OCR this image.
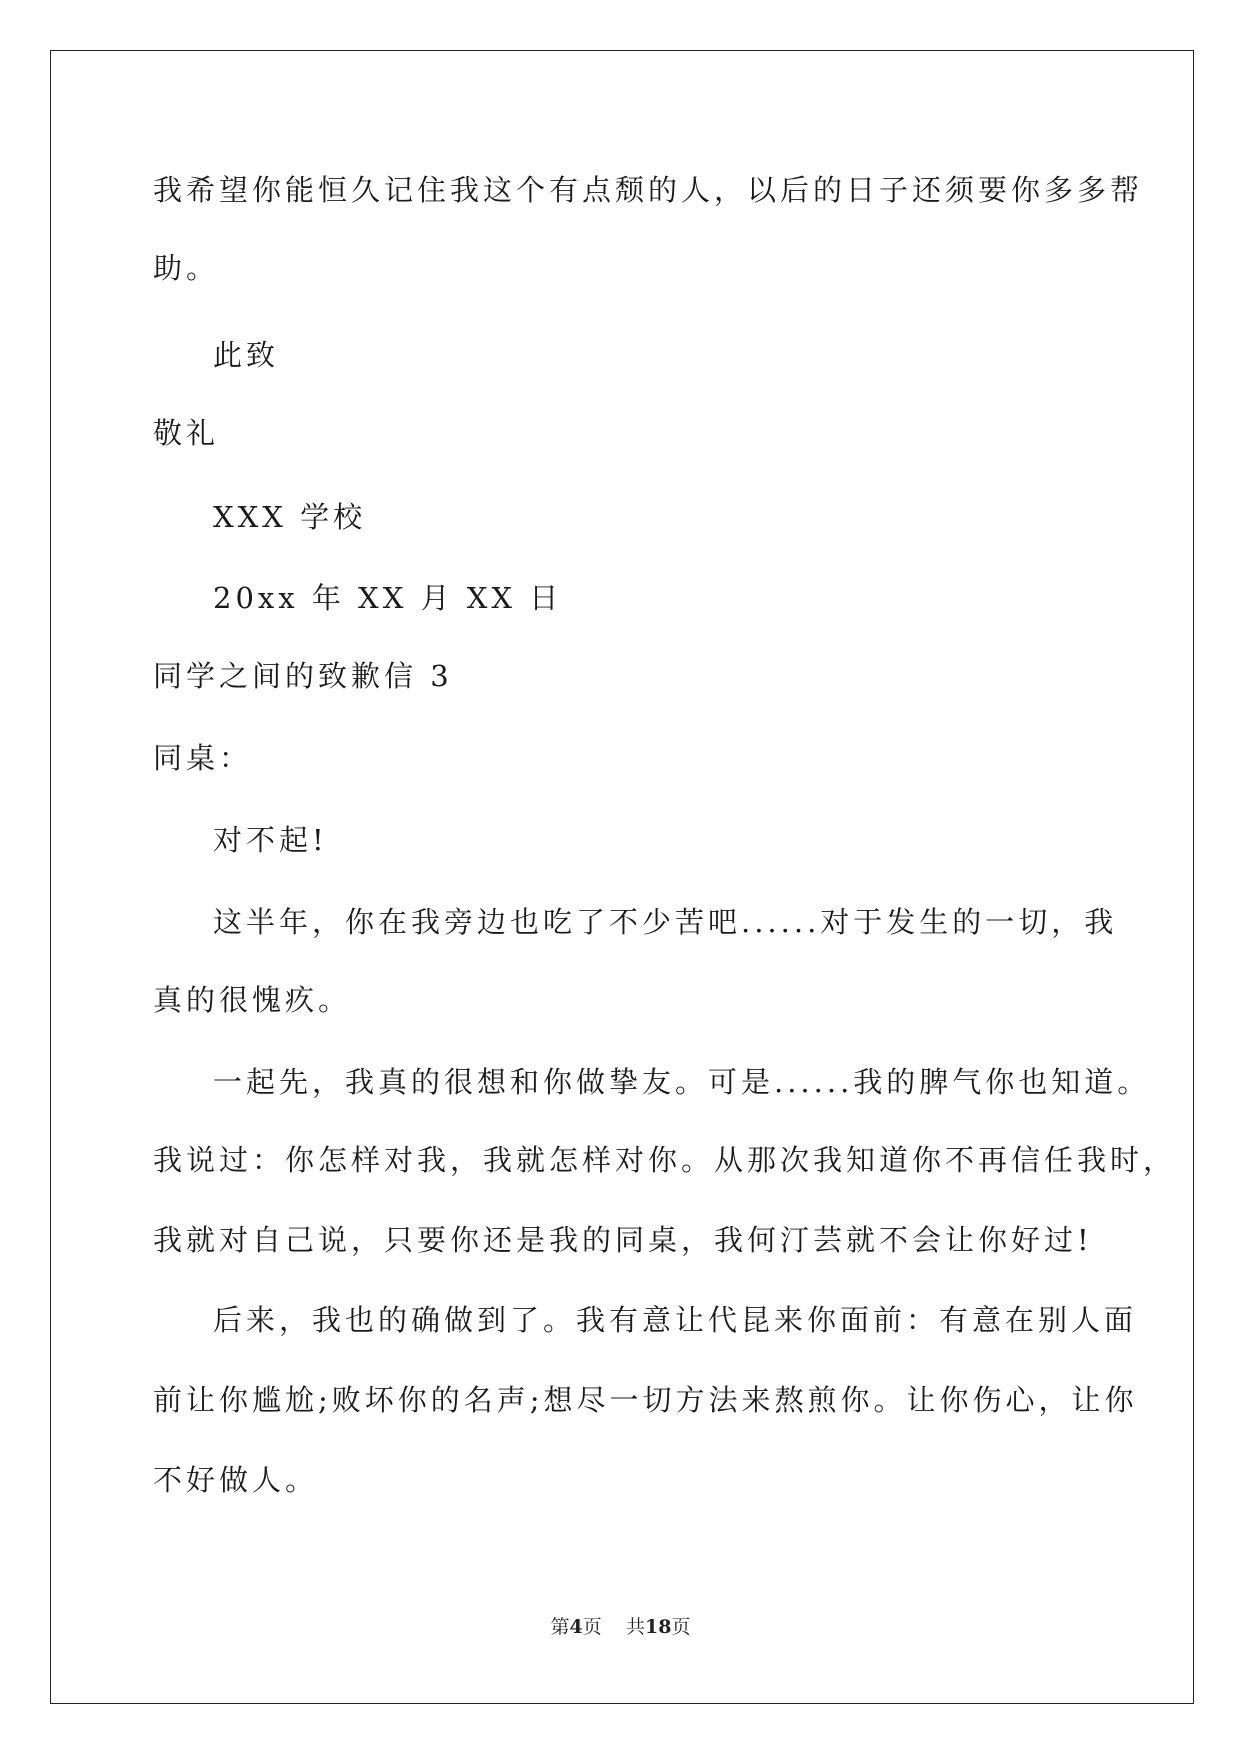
我希望你能恒久记住我这个有点颓的人，以后的日子还须要你多多帮
助。
此致
敬礼
XXX 学校
20xx 年 XX 月 XX 日
同学之间的致歉信 3
同桌：
对不起!
这半年，你在我旁边也吃了不少苦吧......对于发生的一切，我
真的很愧疚。
一起先，我真的很想和你做挚友。可是......我的脾气你也知道。
我说过：你怎样对我，我就怎样对你。从那次我知道你不再信任我时，
我就对自己说，只要你还是我的同桌，我何汀芸就不会让你好过!
后来，我也的确做到了。我有意让代昆来你面前：有意在别人面
前让你尴尬;败坏你的名声;想尽一切方法来熬煎你。让你伤心，让你
不好做人。
第4页 共18页
